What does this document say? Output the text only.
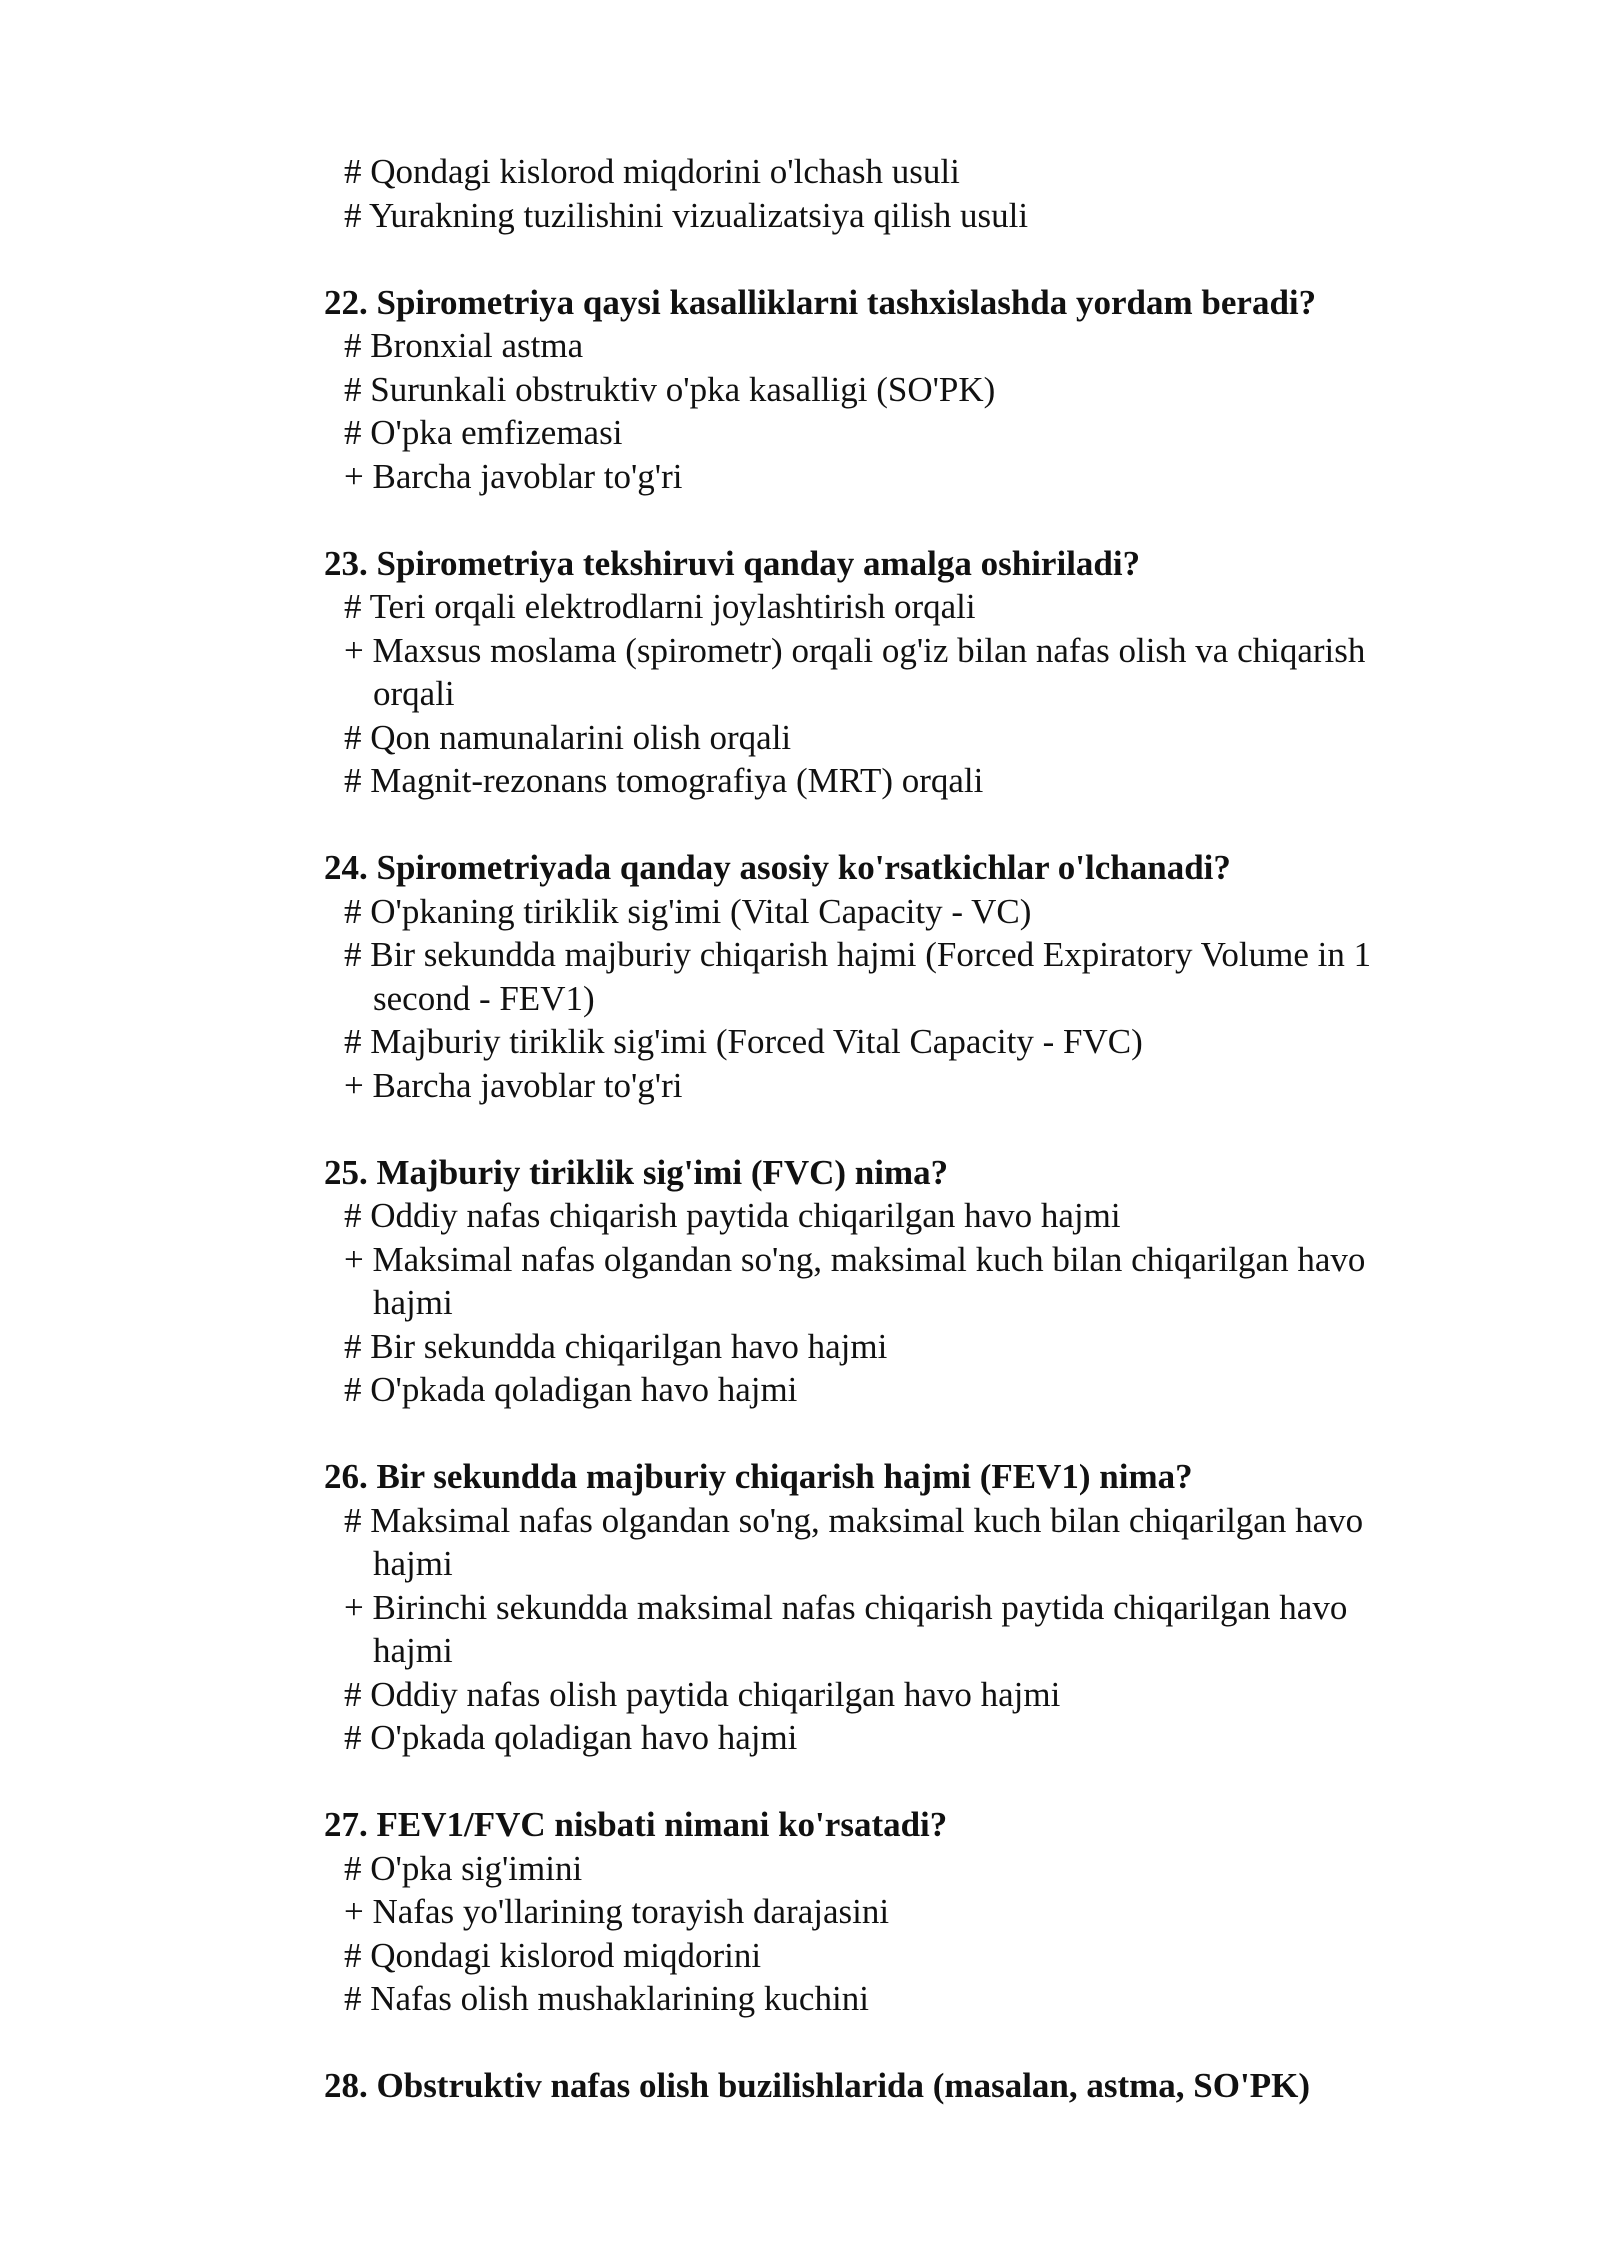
# Qondagi kislorod miqdorini o'lchash usuli
# Yurakning tuzilishini vizualizatsiya qilish usuli
22. Spirometriya qaysi kasalliklarni tashxislashda yordam beradi?
# Bronxial astma
# Surunkali obstruktiv o'pka kasalligi (SO'PK)
# O'pka emfizemasi
+ Barcha javoblar to'g'ri
23. Spirometriya tekshiruvi qanday amalga oshiriladi?
# Teri orqali elektrodlarni joylashtirish orqali
+ Maxsus moslama (spirometr) orqali og'iz bilan nafas olish va chiqarish
orqali
# Qon namunalarini olish orqali
# Magnit-rezonans tomografiya (MRT) orqali
24. Spirometriyada qanday asosiy ko'rsatkichlar o'lchanadi?
# O'pkaning tiriklik sig'imi (Vital Capacity - VC)
# Bir sekundda majburiy chiqarish hajmi (Forced Expiratory Volume in 1
second - FEV1)
# Majburiy tiriklik sig'imi (Forced Vital Capacity - FVC)
+ Barcha javoblar to'g'ri
25. Majburiy tiriklik sig'imi (FVC) nima?
# Oddiy nafas chiqarish paytida chiqarilgan havo hajmi
+ Maksimal nafas olgandan so'ng, maksimal kuch bilan chiqarilgan havo
hajmi
# Bir sekundda chiqarilgan havo hajmi
# O'pkada qoladigan havo hajmi
26. Bir sekundda majburiy chiqarish hajmi (FEV1) nima?
# Maksimal nafas olgandan so'ng, maksimal kuch bilan chiqarilgan havo
hajmi
+ Birinchi sekundda maksimal nafas chiqarish paytida chiqarilgan havo
hajmi
# Oddiy nafas olish paytida chiqarilgan havo hajmi
# O'pkada qoladigan havo hajmi
27. FEV1/FVC nisbati nimani ko'rsatadi?
# O'pka sig'imini
+ Nafas yo'llarining torayish darajasini
# Qondagi kislorod miqdorini
# Nafas olish mushaklarining kuchini
28. Obstruktiv nafas olish buzilishlarida (masalan, astma, SO'PK)
